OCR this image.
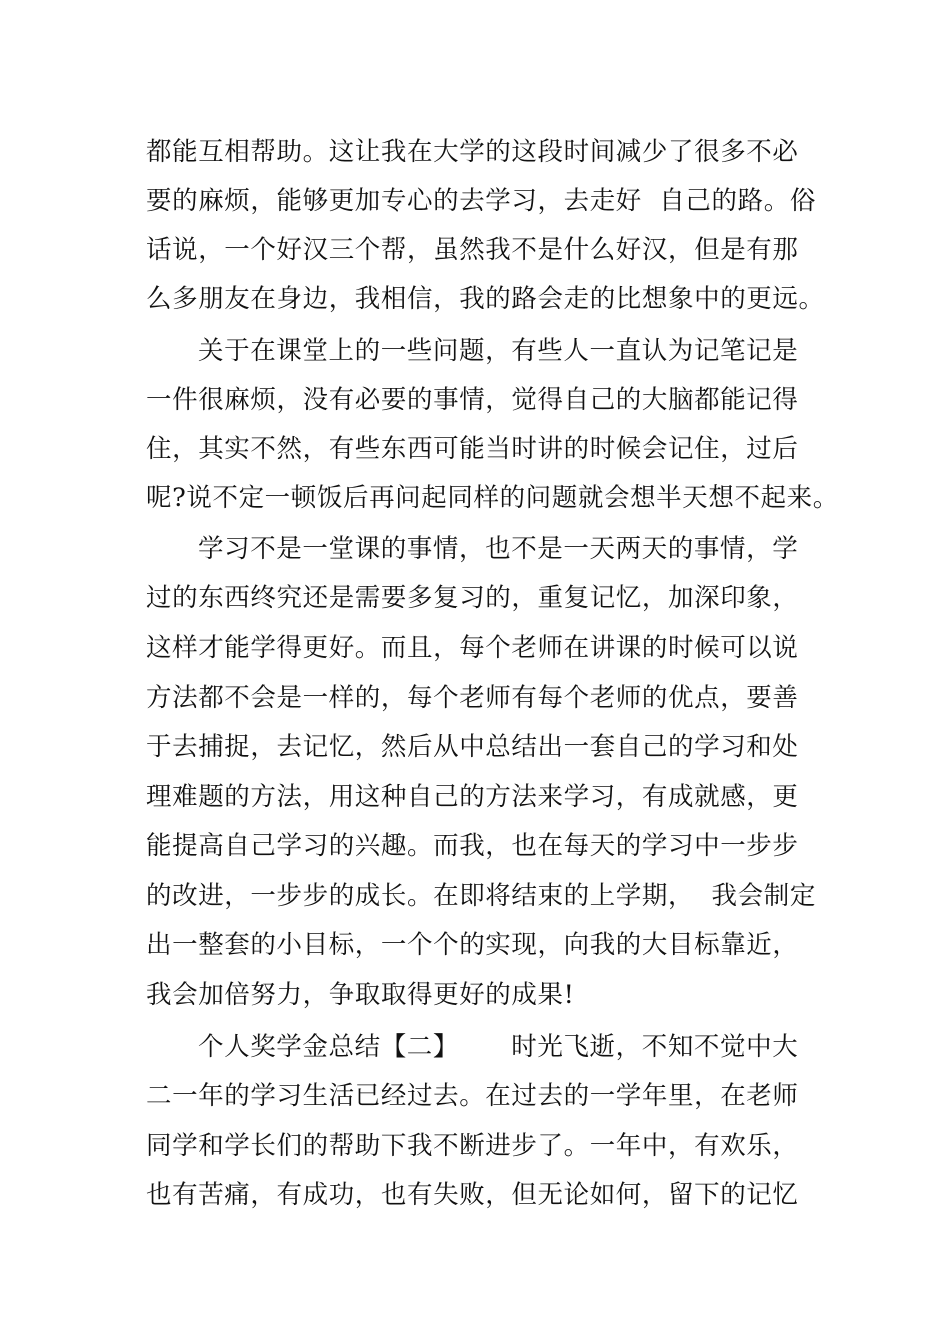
都能互相帮助。这让我在大学的这段时间减少了很多不必
要的麻烦，能够更加专心的去学习，去走好  自己的路。俗
话说，一个好汉三个帮，虽然我不是什么好汉，但是有那
么多朋友在身边，我相信，我的路会走的比想象中的更远。
关于在课堂上的一些问题，有些人一直认为记笔记是
一件很麻烦，没有必要的事情，觉得自己的大脑都能记得
住，其实不然，有些东西可能当时讲的时候会记住，过后
呢?说不定一顿饭后再问起同样的问题就会想半天想不起来。
学习不是一堂课的事情，也不是一天两天的事情，学
过的东西终究还是需要多复习的，重复记忆，加深印象，
这样才能学得更好。而且，每个老师在讲课的时候可以说
方法都不会是一样的，每个老师有每个老师的优点，要善
于去捕捉，去记忆，然后从中总结出一套自己的学习和处
理难题的方法，用这种自己的方法来学习，有成就感，更
能提高自己学习的兴趣。而我，也在每天的学习中一步步
的改进，一步步的成长。在即将结束的上学期，  我会制定
出一整套的小目标，一个个的实现，向我的大目标靠近，
我会加倍努力，争取取得更好的成果!
个人奖学金总结【二】      时光飞逝，不知不觉中大
二一年的学习生活已经过去。在过去的一学年里，在老师
同学和学长们的帮助下我不断进步了。一年中，有欢乐，
也有苦痛，有成功，也有失败，但无论如何，留下的记忆
